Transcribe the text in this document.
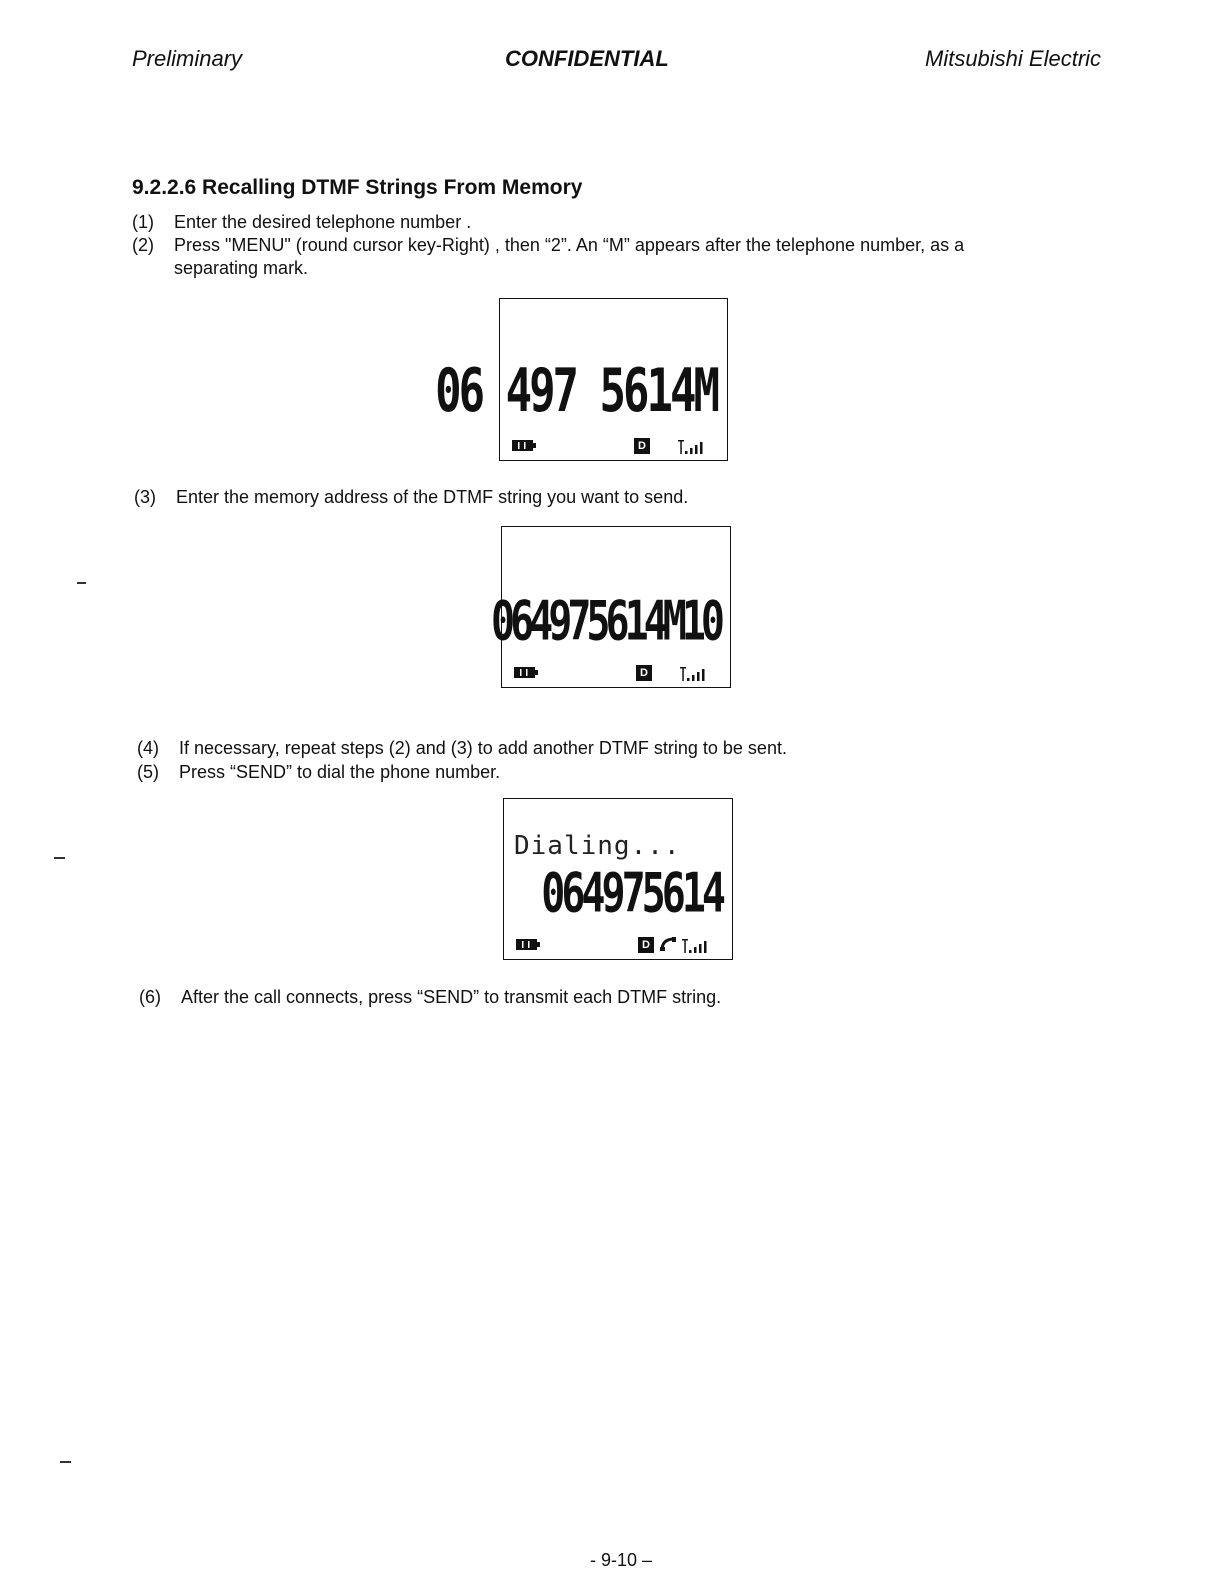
Preliminary	CONFIDENTIAL	Mitsubishi Electric
9.2.2.6 Recalling DTMF Strings From Memory
(1) Enter the desired telephone number .
(2) Press "MENU" (round cursor key-Right) , then “2”. An “M” appears after the telephone number, as a
separating mark.
06 497 5614M
D
(3) Enter the memory address of the DTMF string you want to send.
064975614M10
D
(4) If necessary, repeat steps (2) and (3) to add another DTMF string to be sent.
(5) Press “SEND” to dial the phone number.
Dialing...
064975614
D
(6) After the call connects, press “SEND” to transmit each DTMF string.
- 9-10 –
